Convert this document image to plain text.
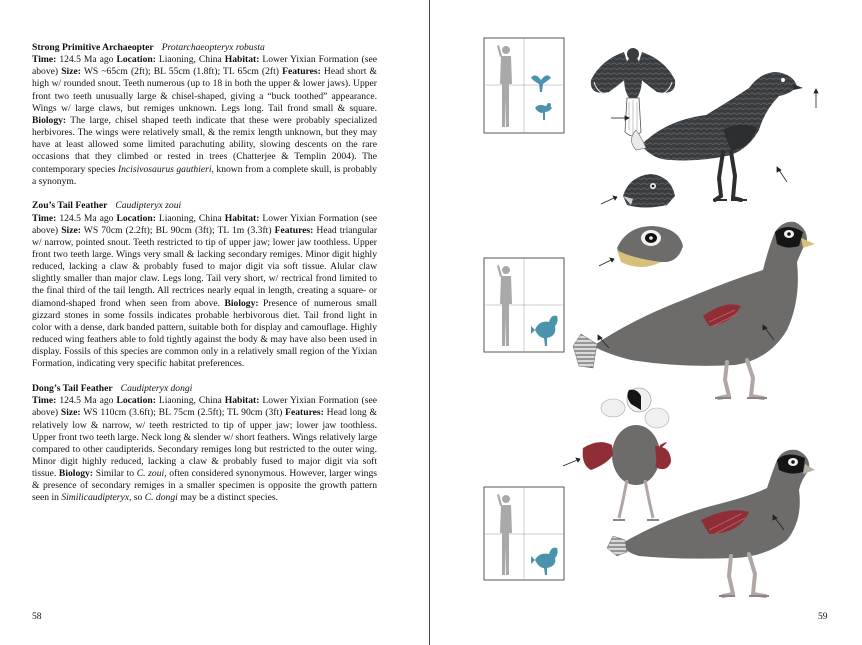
Strong Primitive Archaeopter Protarchaeopteryx robusta
Time: 124.5 Ma ago Location: Liaoning, China Habitat: Lower Yixian Formation (see above) Size: WS ~65cm (2ft); BL 55cm (1.8ft); TL 65cm (2ft) Features: Head short & high w/ rounded snout. Teeth numerous (up to 18 in both the upper & lower jaws). Upper front two teeth unusually large & chisel-shaped, giving a “buck toothed” appearance. Wings w/ large claws, but remiges unknown. Legs long. Tail frond small & square. Biology: The large, chisel shaped teeth indicate that these were probably specialized herbivores. The wings were relatively small, & the remix length unknown, but they may have at least allowed some limited parachuting ability, slowing descents on the rare occasions that they climbed or rested in trees (Chatterjee & Templin 2004). The contemporary species Incisivosaurus gauthieri, known from a complete skull, is probably a synonym.

Zou’s Tail Feather Caudipteryx zoui
Time: 124.5 Ma ago Location: Liaoning, China Habitat: Lower Yixian Formation (see above) Size: WS 70cm (2.2ft); BL 90cm (3ft); TL 1m (3.3ft) Features: Head triangular w/ narrow, pointed snout. Teeth restricted to tip of upper jaw; lower jaw toothless. Upper front two teeth large. Wings very small & lacking secondary remiges. Minor digit highly reduced, lacking a claw & probably fused to major digit via soft tissue. Alular claw slightly smaller than major claw. Legs long. Tail very short, w/ rectrical frond limited to the final third of the tail length. All rectrices nearly equal in length, creating a square- or diamond-shaped frond when seen from above. Biology: Presence of numerous small gizzard stones in some fossils indicates probable herbivorous diet. Tail frond light in color with a dense, dark banded pattern, suitable both for display and camouflage. Highly reduced wing feathers able to fold tightly against the body & may have also been used in display. Fossils of this species are common only in a relatively small region of the Yixian Formation, indicating very specific habitat preferences.

Dong’s Tail Feather Caudipteryx dongi
Time: 124.5 Ma ago Location: Liaoning, China Habitat: Lower Yixian Formation (see above) Size: WS 110cm (3.6ft); BL 75cm (2.5ft); TL 90cm (3ft) Features: Head long & relatively low & narrow, w/ teeth restricted to tip of upper jaw; lower jaw toothless. Upper front two teeth large. Neck long & slender w/ short feathers. Wings relatively large compared to other caudipterids. Secondary remiges long but restricted to the outer wing. Minor digit highly reduced, lacking a claw & probably fused to major digit via soft tissue. Biology: Similar to C. zoui, often considered synonymous. However, larger wings & presence of secondary remiges in a smaller specimen is opposite the growth pattern seen in Similicaudipteryx, so C. dongi may be a distinct species.

58	59
